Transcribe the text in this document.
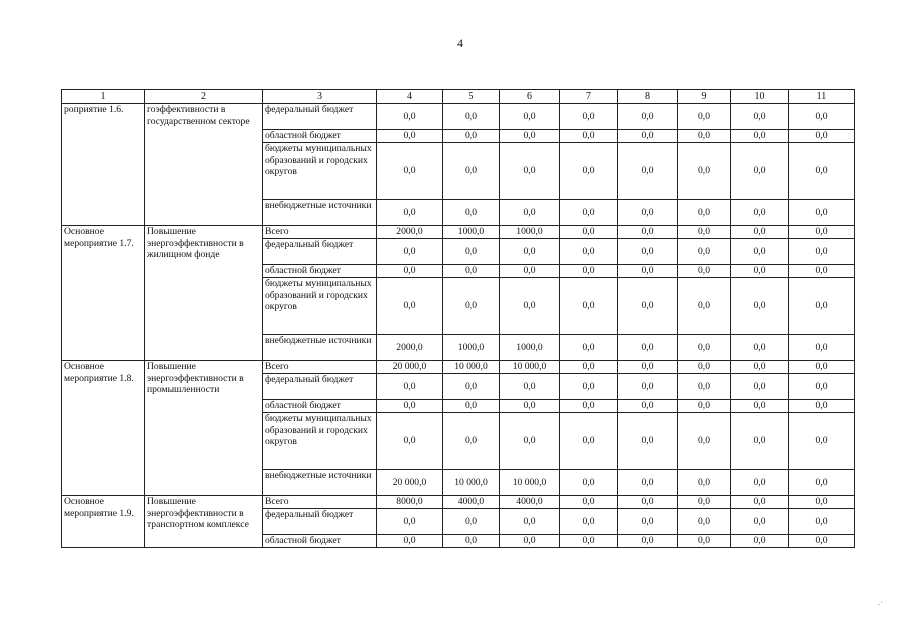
4
1	2	3	4	5	6	7	8	9	10	11
роприятие 1.6.	гоэффективности в государственном секторе	федеральный бюджет	0,0	0,0	0,0	0,0	0,0	0,0	0,0	0,0
		областной бюджет	0,0	0,0	0,0	0,0	0,0	0,0	0,0	0,0
		бюджеты муниципальных образований и городских округов	0,0	0,0	0,0	0,0	0,0	0,0	0,0	0,0
		внебюджетные источники	0,0	0,0	0,0	0,0	0,0	0,0	0,0	0,0
Основное мероприятие 1.7.	Повышение энергоэффективности в жилищном фонде	Всего	2000,0	1000,0	1000,0	0,0	0,0	0,0	0,0	0,0
		федеральный бюджет	0,0	0,0	0,0	0,0	0,0	0,0	0,0	0,0
		областной бюджет	0,0	0,0	0,0	0,0	0,0	0,0	0,0	0,0
		бюджеты муниципальных образований и городских округов	0,0	0,0	0,0	0,0	0,0	0,0	0,0	0,0
		внебюджетные источники	2000,0	1000,0	1000,0	0,0	0,0	0,0	0,0	0,0
Основное мероприятие 1.8.	Повышение энергоэффективности в промышленности	Всего	20 000,0	10 000,0	10 000,0	0,0	0,0	0,0	0,0	0,0
		федеральный бюджет	0,0	0,0	0,0	0,0	0,0	0,0	0,0	0,0
		областной бюджет	0,0	0,0	0,0	0,0	0,0	0,0	0,0	0,0
		бюджеты муниципальных образований и городских округов	0,0	0,0	0,0	0,0	0,0	0,0	0,0	0,0
		внебюджетные источники	20 000,0	10 000,0	10 000,0	0,0	0,0	0,0	0,0	0,0
Основное мероприятие 1.9.	Повышение энергоэффективности в транспортном комплексе	Всего	8000,0	4000,0	4000,0	0,0	0,0	0,0	0,0	0,0
		федеральный бюджет	0,0	0,0	0,0	0,0	0,0	0,0	0,0	0,0
		областной бюджет	0,0	0,0	0,0	0,0	0,0	0,0	0,0	0,0
.·
